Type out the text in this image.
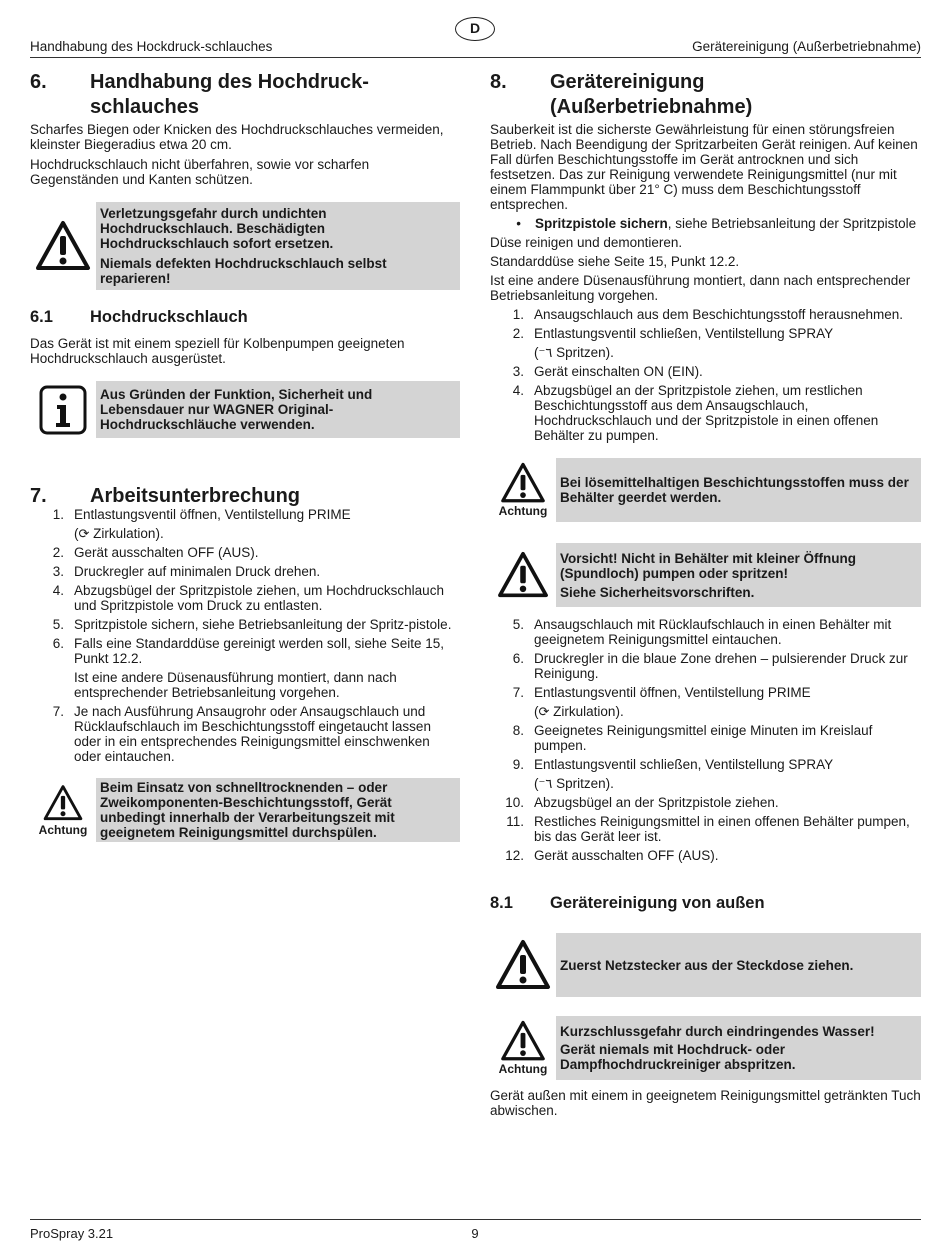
D
Handhabung des Hockdruck-schlauches	Gerätereinigung (Außerbetriebnahme)
6.	Handhabung des Hochdruck-
schlauches

Scharfes Biegen oder Knicken des Hochdruckschlauches vermeiden, kleinster Biegeradius etwa 20 cm.

Hochdruckschlauch nicht überfahren, sowie vor scharfen Gegenständen und Kanten schützen.

Verletzungsgefahr durch undichten Hochdruckschlauch. Beschädigten Hochdruckschlauch sofort ersetzen.
Niemals defekten Hochdruckschlauch selbst reparieren!
6.1	Hochdruckschlauch

Das Gerät ist mit einem speziell für Kolbenpumpen geeigneten Hochdruckschlauch ausgerüstet.

Aus Gründen der Funktion, Sicherheit und Lebensdauer nur WAGNER Original-Hochdruckschläuche verwenden.
7.	Arbeitsunterbrechung
1. Entlastungsventil öffnen, Ventilstellung PRIME
(⟳ Zirkulation).
2. Gerät ausschalten OFF (AUS).
3. Druckregler auf minimalen Druck drehen.
4. Abzugsbügel der Spritzpistole ziehen, um Hochdruckschlauch und Spritzpistole vom Druck zu entlasten.
5. Spritzpistole sichern, siehe Betriebsanleitung der Spritz-pistole.
6. Falls eine Standarddüse gereinigt werden soll, siehe Seite 15, Punkt 12.2.
Ist eine andere Düsenausführung montiert, dann nach entsprechender Betriebsanleitung vorgehen.
7. Je nach Ausführung Ansaugrohr oder Ansaugschlauch und Rücklaufschlauch im Beschichtungsstoff eingetaucht lassen oder in ein entsprechendes Reinigungsmittel einschwenken oder eintauchen.
Achtung
Beim Einsatz von schnelltrocknenden – oder Zweikomponenten-Beschichtungsstoff, Gerät unbedingt innerhalb der Verarbeitungszeit mit geeignetem Reinigungsmittel durchspülen.
8.	Gerätereinigung
(Außerbetriebnahme)

Sauberkeit ist die sicherste Gewährleistung für einen störungsfreien Betrieb. Nach Beendigung der Spritzarbeiten Gerät reinigen. Auf keinen Fall dürfen Beschichtungsstoffe im Gerät antrocknen und sich festsetzen. Das zur Reinigung verwendete Reinigungsmittel (nur mit einem Flammpunkt über 21° C) muss dem Beschichtungsstoff entsprechen.

•	Spritzpistole sichern, siehe Betriebsanleitung der Spritzpistole

Düse reinigen und demontieren.

Standarddüse siehe Seite 15, Punkt 12.2.

Ist eine andere Düsenausführung montiert, dann nach entsprechender Betriebsanleitung vorgehen.

1. Ansaugschlauch aus dem Beschichtungsstoff herausnehmen.
2. Entlastungsventil schließen, Ventilstellung SPRAY
(⁻٦ Spritzen).
3. Gerät einschalten ON (EIN).
4. Abzugsbügel an der Spritzpistole ziehen, um restlichen Beschichtungsstoff aus dem Ansaugschlauch, Hochdruckschlauch und der Spritzpistole in einen offenen Behälter zu pumpen.
Achtung
Bei lösemittelhaltigen Beschichtungsstoffen muss der Behälter geerdet werden.
Vorsicht! Nicht in Behälter mit kleiner Öffnung (Spundloch) pumpen oder spritzen!
Siehe Sicherheitsvorschriften.
5. Ansaugschlauch mit Rücklaufschlauch in einen Behälter mit geeignetem Reinigungsmittel eintauchen.
6. Druckregler in die blaue Zone drehen – pulsierender Druck zur Reinigung.
7. Entlastungsventil öffnen, Ventilstellung PRIME
(⟳ Zirkulation).
8. Geeignetes Reinigungsmittel einige Minuten im Kreislauf pumpen.
9. Entlastungsventil schließen, Ventilstellung SPRAY
(⁻٦ Spritzen).
10. Abzugsbügel an der Spritzpistole ziehen.
11. Restliches Reinigungsmittel in einen offenen Behälter pumpen, bis das Gerät leer ist.
12. Gerät ausschalten OFF (AUS).
8.1	Gerätereinigung von außen
Zuerst Netzstecker aus der Steckdose ziehen.
Achtung
Kurzschlussgefahr durch eindringendes Wasser!
Gerät niemals mit Hochdruck- oder Dampfhochdruckreiniger abspritzen.

Gerät außen mit einem in geeignetem Reinigungsmittel getränkten Tuch abwischen.

ProSpray 3.21	9
